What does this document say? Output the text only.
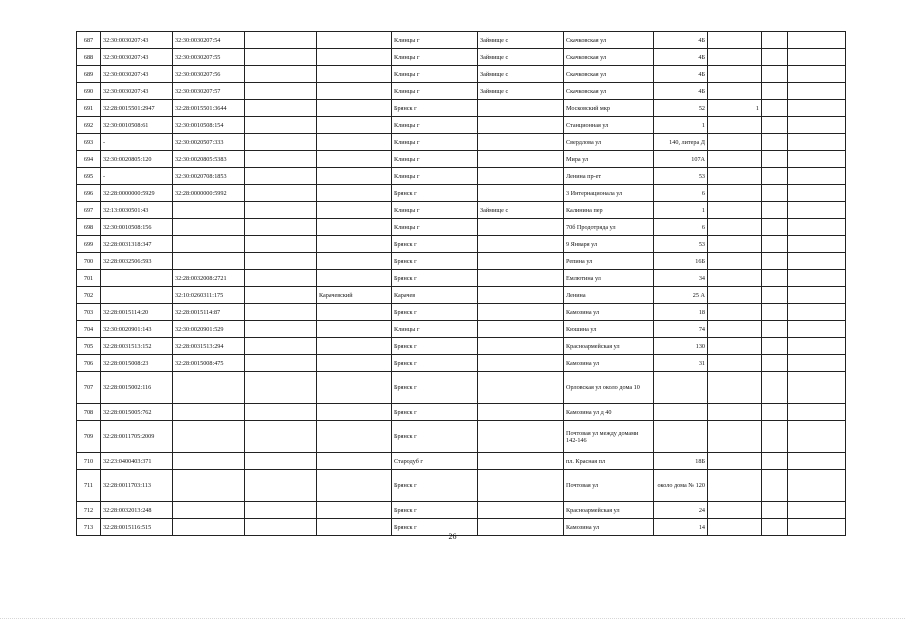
687	32:30:0030207:43	32:30:0030207:54			Клинцы г	Займище с	Скачковская ул	4Б			
688	32:30:0030207:43	32:30:0030207:55			Клинцы г	Займище с	Скачковская ул	4Б			
689	32:30:0030207:43	32:30:0030207:56			Клинцы г	Займище с	Скачковская ул	4Б			
690	32:30:0030207:43	32:30:0030207:57			Клинцы г	Займище с	Скачковская ул	4Б			
691	32:28:0015501:2947	32:28:0015501:3644			Брянск г		Московский мкр	52	1		
692	32:30:0010508:61	32:30:0010508:154			Клинцы г		Станционная ул	1			
693	-	32:30:0020507:333			Клинцы г		Свердлова ул	140, литера Д			
694	32:30:0020805:120	32:30:0020805:5383			Клинцы г		Мира ул	107А			
695	-	32:30:0020708:1853			Клинцы г		Ленина пр-ет	53			
696	32:28:0000000:5929	32:28:0000000:5992			Брянск г		3 Интернационала ул	6			
697	32:13:0030501:43				Клинцы г	Займище с	Калинина пер	1			
698	32:30:0010508:156				Клинцы г		70б Продотряда ул	6			
699	32:28:0031318:347				Брянск г		9 Января ул	53			
700	32:28:0032506:593				Брянск г		Репина ул	16Б			
701		32:28:0032008:2721			Брянск г		Емлютина ул	34			
702		32:10:0260311:175		Карачевский	Карачев		Ленина	25 А			
703	32:28:0015114:20	32:28:0015114:87			Брянск г		Камозина ул	18			
704	32:30:0020901:143	32:30:0020901:529			Клинцы г		Кюшина ул	74			
705	32:28:0031513:152	32:28:0031513:294			Брянск г		Красноармейская ул	130			
706	32:28:0015008:23	32:28:0015008:475			Брянск г		Камозина ул	31			
707	32:28:0015002:116				Брянск г		Орловская ул около дома 10				
708	32:28:0015005:762				Брянск г		Камозина ул д 40				
709	32:28:0011705:2009				Брянск г		Почтовая ул между домами 142-146				
710	32:23:0400403:371				Стародуб г		пл. Красная пл	18Б			
711	32:28:0011703:113				Брянск г		Почтовая ул	около дома № 120			
712	32:28:0032013:248				Брянск г		Красноармейская ул	24			
713	32:28:0015116:515				Брянск г		Камозина ул	14			
26
